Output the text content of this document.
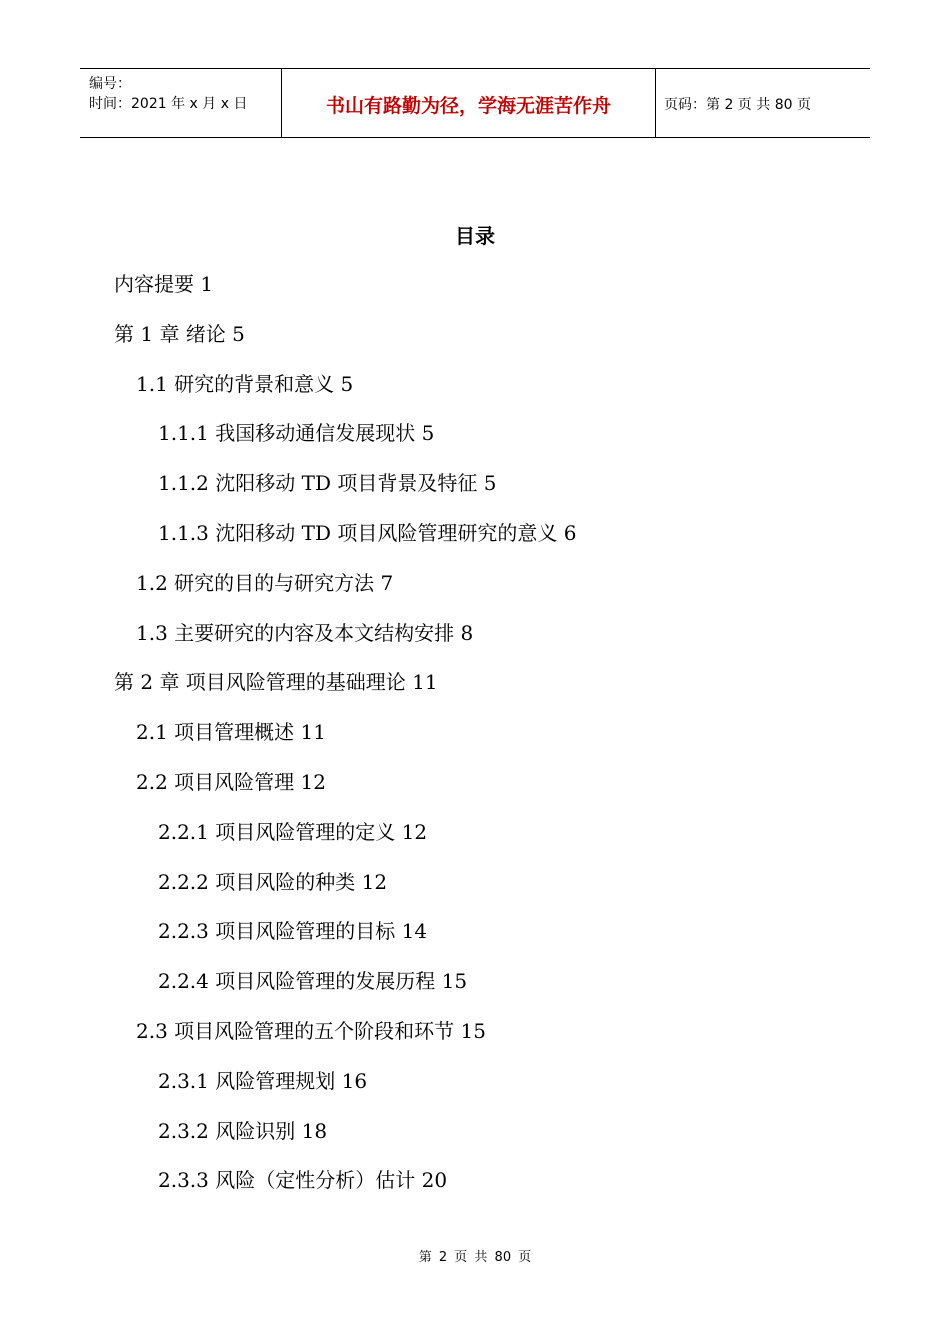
编号：
时间：2021 年 x 月 x 日	书山有路勤为径，学海无涯苦作舟	页码：第 2 页 共 80 页
目录
内容提要 1
第 1 章 绪论 5
1.1 研究的背景和意义 5
1.1.1 我国移动通信发展现状 5
1.1.2 沈阳移动 TD 项目背景及特征 5
1.1.3 沈阳移动 TD 项目风险管理研究的意义 6
1.2 研究的目的与研究方法 7
1.3 主要研究的内容及本文结构安排 8
第 2 章 项目风险管理的基础理论 11
2.1 项目管理概述 11
2.2 项目风险管理 12
2.2.1 项目风险管理的定义 12
2.2.2 项目风险的种类 12
2.2.3 项目风险管理的目标 14
2.2.4 项目风险管理的发展历程 15
2.3 项目风险管理的五个阶段和环节 15
2.3.1 风险管理规划 16
2.3.2 风险识别 18
2.3.3 风险（定性分析）估计 20
第 2 页 共 80 页
